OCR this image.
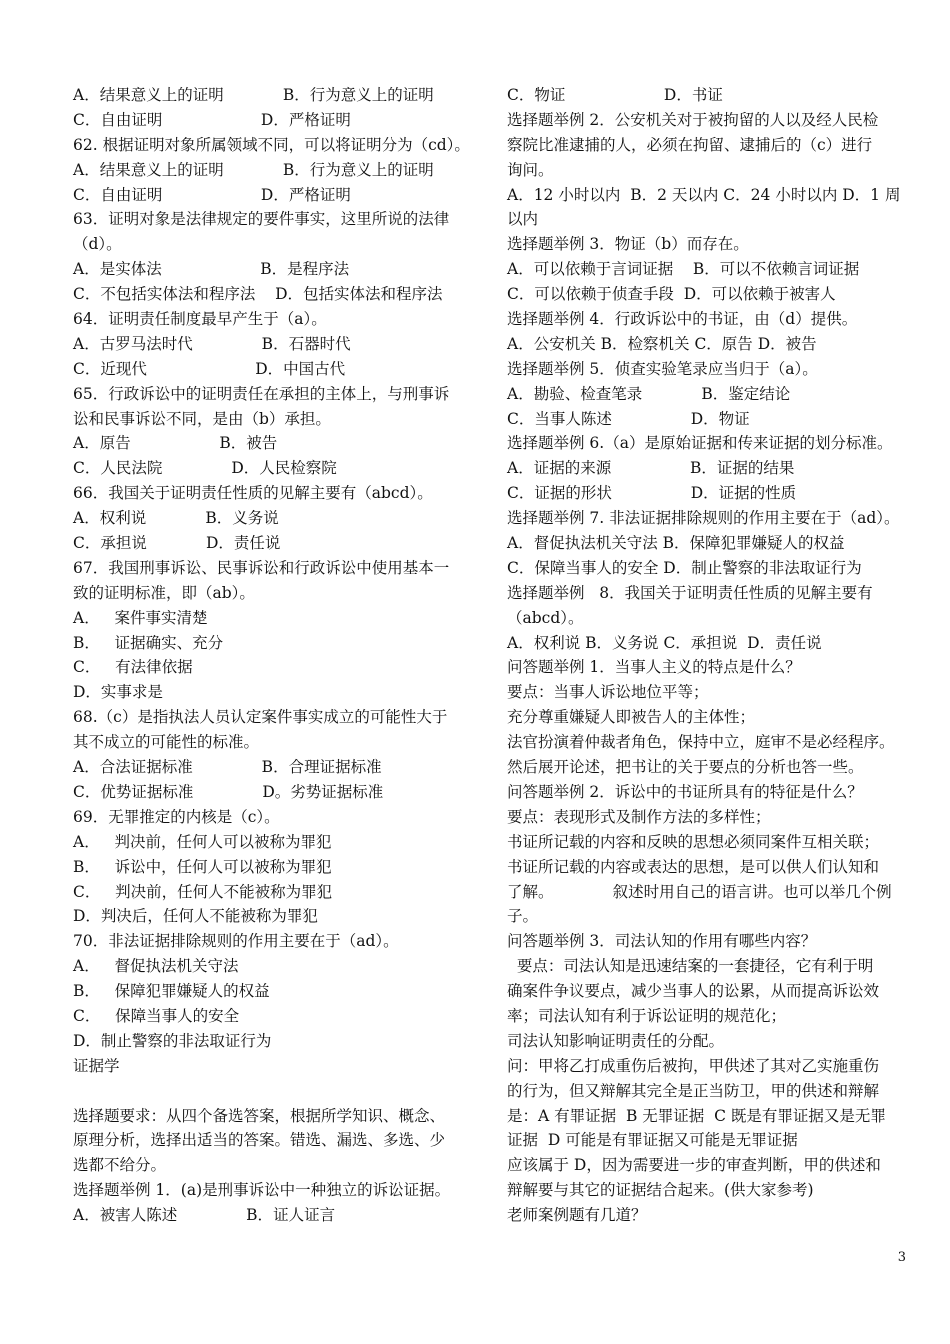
A．结果意义上的证明            B．行为意义上的证明
C．自由证明                    D．严格证明
62. 根据证明对象所属领域不同，可以将证明分为（cd）。
A．结果意义上的证明            B．行为意义上的证明
C．自由证明                    D．严格证明
63．证明对象是法律规定的要件事实，这里所说的法律
（d）。
A．是实体法                    B．是程序法
C．不包括实体法和程序法    D．包括实体法和程序法
64．证明责任制度最早产生于（a）。
A．古罗马法时代              B．石器时代
C．近现代                      D．中国古代
65．行政诉讼中的证明责任在承担的主体上，与刑事诉
讼和民事诉讼不同，是由（b）承担。
A．原告                  B．被告
C．人民法院              D．人民检察院
66．我国关于证明责任性质的见解主要有（abcd）。
A．权利说            B．义务说
C．承担说            D．责任说
67．我国刑事诉讼、民事诉讼和行政诉讼中使用基本一
致的证明标准，即（ab）。
A．   案件事实清楚
B．   证据确实、充分
C．   有法律依据
D．实事求是
68.（c）是指执法人员认定案件事实成立的可能性大于
其不成立的可能性的标准。
A．合法证据标准              B．合理证据标准
C．优势证据标准              D。劣势证据标准
69．无罪推定的内核是（c）。
A．   判决前，任何人可以被称为罪犯
B．   诉讼中，任何人可以被称为罪犯
C．   判决前，任何人不能被称为罪犯
D．判决后，任何人不能被称为罪犯
70．非法证据排除规则的作用主要在于（ad）。
A．   督促执法机关守法
B．   保障犯罪嫌疑人的权益
C．   保障当事人的安全
D．制止警察的非法取证行为
证据学
选择题要求：从四个备选答案，根据所学知识、概念、
原理分析，选择出适当的答案。错选、漏选、多选、少
选都不给分。
选择题举例 1．(a)是刑事诉讼中一种独立的诉讼证据。
A．被害人陈述              B．证人证言
C．物证                    D．书证
选择题举例 2．公安机关对于被拘留的人以及经人民检
察院比准逮捕的人，必须在拘留、逮捕后的（c）进行
询问。
A．12 小时以内  B．2 天以内 C．24 小时以内 D．1 周
以内
选择题举例 3．物证（b）而存在。
A．可以依赖于言词证据    B．可以不依赖言词证据
C．可以依赖于侦查手段  D．可以依赖于被害人
选择题举例 4．行政诉讼中的书证，由（d）提供。
A．公安机关 B．检察机关 C．原告 D．被告
选择题举例 5．侦查实验笔录应当归于（a）。
A．勘验、检查笔录            B．鉴定结论
C．当事人陈述                D．物证
选择题举例 6.（a）是原始证据和传来证据的划分标准。
A．证据的来源                B．证据的结果
C．证据的形状                D．证据的性质
选择题举例 7. 非法证据排除规则的作用主要在于（ad）。
A．督促执法机关守法 B．保障犯罪嫌疑人的权益
C．保障当事人的安全 D．制止警察的非法取证行为
选择题举例   8．我国关于证明责任性质的见解主要有
（abcd）。
A．权利说 B．义务说 C．承担说  D．责任说
问答题举例 1．当事人主义的特点是什么？
要点：当事人诉讼地位平等；
充分尊重嫌疑人即被告人的主体性；
法官扮演着仲裁者角色，保持中立，庭审不是必经程序。
然后展开论述，把书让的关于要点的分析也答一些。
问答题举例 2．诉讼中的书证所具有的特征是什么？
要点：表现形式及制作方法的多样性；
书证所记载的内容和反映的思想必须同案件互相关联；
书证所记载的内容或表达的思想，是可以供人们认知和
了解。            叙述时用自己的语言讲。也可以举几个例
子。
问答题举例 3．司法认知的作用有哪些内容？
要点：司法认知是迅速结案的一套捷径，它有利于明
确案件争议要点，减少当事人的讼累，从而提高诉讼效
率；司法认知有利于诉讼证明的规范化；
司法认知影响证明责任的分配。
问：甲将乙打成重伤后被拘，甲供述了其对乙实施重伤
的行为，但又辩解其完全是正当防卫，甲的供述和辩解
是：A 有罪证据  B 无罪证据  C 既是有罪证据又是无罪
证据  D 可能是有罪证据又可能是无罪证据
应该属于 D，因为需要进一步的审查判断，甲的供述和
辩解要与其它的证据结合起来。(供大家参考)
老师案例题有几道？
3
